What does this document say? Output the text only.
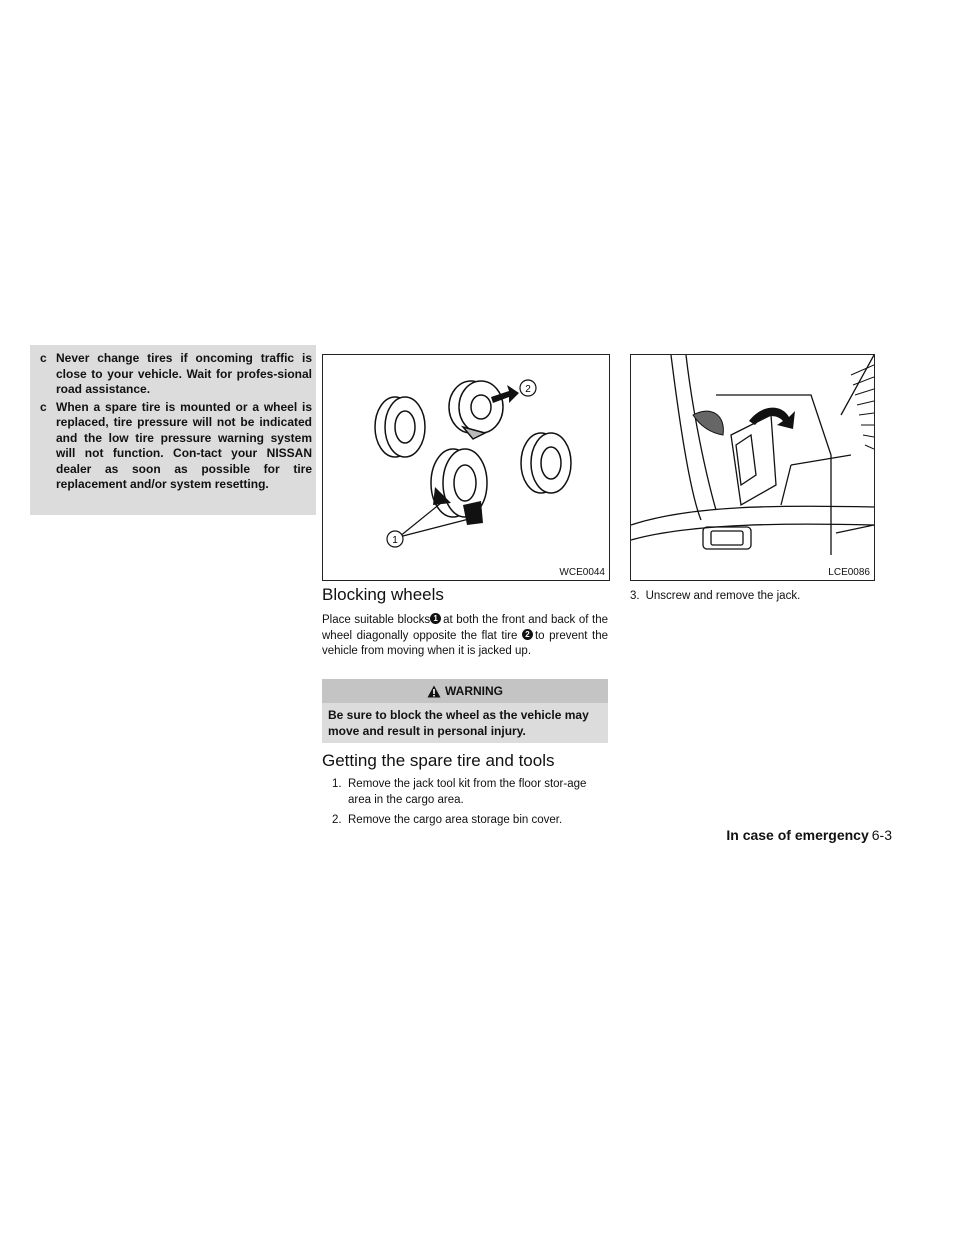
c Never change tires if oncoming traffic is close to your vehicle. Wait for profes-sional road assistance.
c When a spare tire is mounted or a wheel is replaced, tire pressure will not be indicated and the low tire pressure warning system will not function. Con-tact your NISSAN dealer as soon as possible for tire replacement and/or system resetting.
1
2
WCE0044	LCE0086
Blocking wheels

Place suitable blocks 1 at both the front and back of the wheel diagonally opposite the flat tire 2 to prevent the vehicle from moving when it is jacked up.

WARNING
Be sure to block the wheel as the vehicle may move and result in personal injury.
Getting the spare tire and tools
1. Remove the jack tool kit from the floor stor-age area in the cargo area.
2. Remove the cargo area storage bin cover.
3. Unscrew and remove the jack.
In case of emergency 6-3
